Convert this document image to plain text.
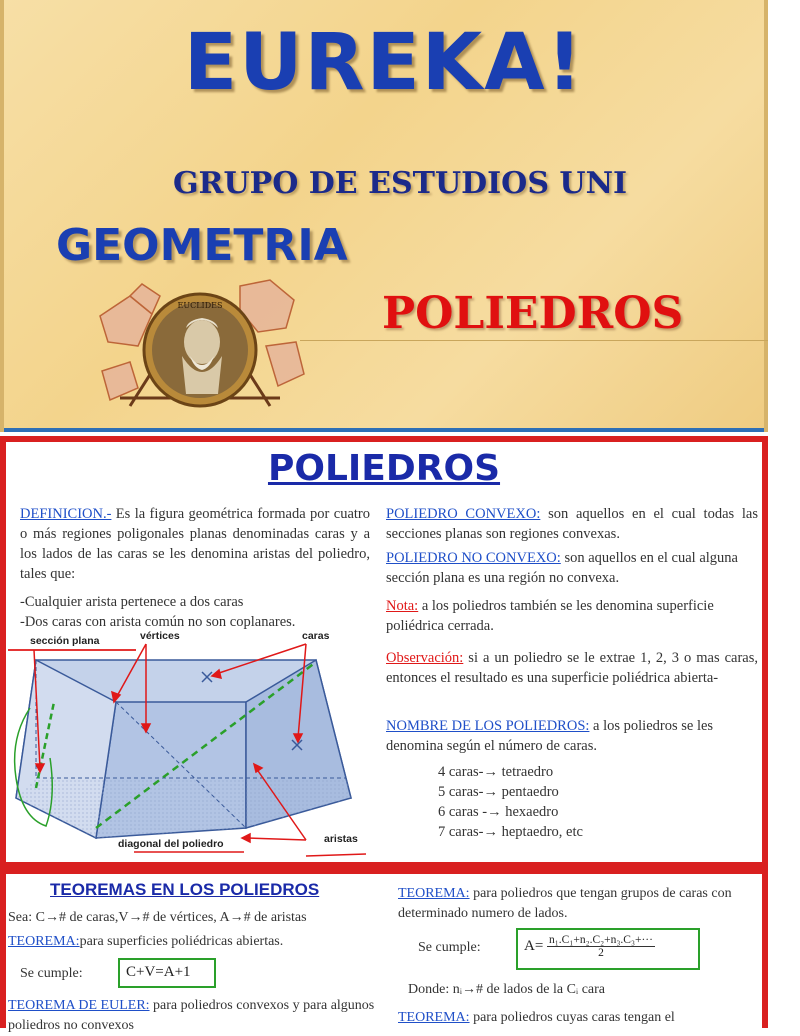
EUREKA!
GRUPO DE ESTUDIOS UNI
GEOMETRIA
POLIEDROS
EUCLIDES
POLIEDROS
DEFINICION.- Es la figura geométrica formada por cuatro o más regiones poligonales planas denominadas caras y a los lados de las caras se les denomina aristas del poliedro, tales que:
-Cualquier arista pertenece a dos caras
-Dos caras con arista común no son coplanares.
sección plana	vértices	caras
diagonal del poliedro	aristas
POLIEDRO CONVEXO: son aquellos en el cual todas las secciones planas son regiones convexas.
POLIEDRO NO CONVEXO: son aquellos en el cual alguna sección plana es una región no convexa.
Nota: a los poliedros también se les denomina superficie poliédrica cerrada.
Observación: si a un poliedro se le extrae 1, 2, 3 o mas caras, entonces el resultado es una superficie poliédrica abierta-
NOMBRE DE LOS POLIEDROS: a los poliedros se les denomina según el número de caras.
4 caras-→ tetraedro
5 caras-→ pentaedro
6 caras -→ hexaedro
7 caras-→ heptaedro, etc
TEOREMAS EN LOS POLIEDROS
Sea: C→# de caras,V→# de vértices, A→# de aristas
TEOREMA:para superficies poliédricas abiertas.
Se cumple:	C+V=A+1
TEOREMA DE EULER: para poliedros convexos y para algunos poliedros no convexos
TEOREMA: para poliedros que tengan grupos de caras con determinado numero de lados.
Se cumple:	$A= \frac{\text{n₁.C₁+n₂.C₂+n₃.C₃+···}}{2}$
Donde: nᵢ→# de lados de la Cᵢ cara
TEOREMA: para poliedros cuyas caras tengan el
